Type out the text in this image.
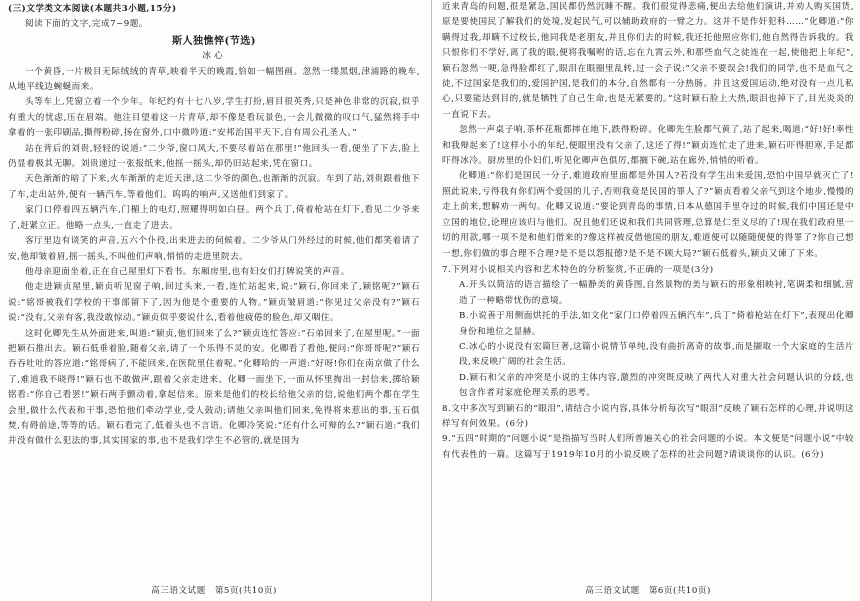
(三)文学类文本阅读(本题共3小题,15分)
阅读下面的文字,完成7~9题。
斯人独憔悴(节选)
冰心
一个黄昏,一片极目无际绒绒的青草,映着半天的晚霞,恰如一幅图画。忽然一缕黑烟,津浦路的晚车,从地平线边蜿蜒而来。
头等车上,凭窗立着一个少年。年纪约有十七八岁,学生打扮,眉目很英秀,只是神色非常的沉寂,似乎有重大的忧虑,压在眉端。他注目望着这一片青草,却不像是看玩景色,一会儿微微的叹口气,猛然将手中拿着的一张印刷品,撕得粉碎,扬在窗外,口中微吟道:“安邦治国平天下,自有周公孔圣人。”
站在背后的刘贵,轻轻的说道:“二少爷,窗口风大,不要尽着站在那里!”他回头一看,便坐了下去,脸上仍显着极其无聊。刘贵递过一张报纸来,他摇一摇头,却仍旧站起来,凭在窗口。
天色渐渐的暗了下来,火车渐渐的走近天津,这二少爷的颜色,也渐渐的沉寂。车到了站,刘贵跟着他下了车,走出站外,便有一辆汽车,等着他们。呜呜的响声,又送他们到家了。
家门口停着四五辆汽车,门楣上的电灯,照耀得明如白昼。两个兵丁,倚着枪站在灯下,看见二少爷来了,赶紧立正。他略一点头,一直走了进去。
客厅里边有谈笑的声音,五六个仆役,出来进去的伺候着。二少爷从门外经过的时候,他们都笑着请了安,他却皱着眉,摇一摇头,不叫他们声响,悄悄的走进里院去。
他母亲迎面坐着,正在自己屋里灯下看书。东厢房里,也有妇女们打牌说笑的声音。
他走进颖贞屋里,颖贞听见窗子响,回过头来,一看,连忙站起来,说:“颖石,你回来了,颖铭呢?”颖石说:“铭哥被我们学校的干事部留下了,因为他是个重要的人物。”颖贞皱眉道:“你见过父亲没有?”颖石说:“没有,父亲有客,我没敢惊动。”颖贞似乎要说什么,看着他疲倦的脸色,却又咽住。
这时化卿先生从外面进来,叫道:“颖贞,他们回来了么?”颖贞连忙答应:“石弟回来了,在屋里呢。”一面把颖石推出去。颖石低垂着脸,随着父亲,请了一个乐得不灵的安。化卿看了看他,便问:“你哥哥呢?”颖石吞吞吐吐的答应道:“铭哥病了,不能回来,在医院里住着呢。”化卿哈的一声道:“好呀!你们在南京做了什么了,难道我不晓得!”颖石也不敢做声,跟着父亲走进来。化卿一面坐下,一面从怀里掏出一封信来,掷给颖铭看:“你自己看罢!”颖石两手颤动着,拿起信来。原来是他们的校长给他父亲的信,说他们两个都在学生会里,做什么代表和干事,恐怕他们牵动学业,受人鼓动;请他父亲叫他们回来,免得将来惹出的事,玉石俱焚,有碍前途,等等的话。颖石看完了,低着头也不言语。化卿冷笑说:“还有什么可辩的么?”颖石道:“我们并没有做什么犯法的事,其实国家的事,也不是我们学生不必管的,就是国为
高三语文试题　第5页(共10页)
近来青岛的问题,很是紧急,国民都仍然沉睡不醒。我们很觉得悲痛,便出去给他们演讲,并劝人购买国货,原是要使国民了解我们的处境,发起民气,可以辅助政府的一臂之力。这并不是作奸犯科……”化卿道:“你瞒得过我,却瞒不过校长,他同我是老朋友,并且你们去的时候,我还托他照应你们,他自然得告诉我的。我只恨你们不学好,离了我的眼,便将我嘱咐的话,忘在九霄云外,和那些血气之徒连在一起,使他把上年纪”,颖石忽然一哽,急得脸都红了,眼泪在眼圈里乱转,过一会子说:“父亲不要误会!我们的同学,也不是血气之徒,不过国家是我们的,爱国护国,是我们的本分,自然都有一分热肠。并且这爱国运动,绝对没有一点儿私心,只要能达到目的,就是牺牲了自己生命,也是无紧要的。”这时颖石脸上大热,眼泪也掉下了,目光炎炎的一直说下去。
忽然一声桌子响,茶杯花瓶都摔在地下,跌得粉碎。化卿先生脸都气黄了,站了起来,喝道:“好!好!率性和我辩起来了!这样小小的年纪,便眼里没有父亲了,这还了得!”颖贞连忙走了进来,颖石吓得胆寒,手足都吓得冰冷。厨房里的仆妇们,听见化卿声色俱厉,都搁下碗,站在廊外,悄悄的听着。
化卿道:“你们是国民一分子,难道政府里面都是外国人?若没有学生出来爱国,恐怕中国早就灭亡了!照此说来,亏得我有你们两个爱国的儿子,否则我竟是民国的罪人了?”颖贞看着父亲气到这个地步,慢慢的走上前来,想解劝一两句。化卿又说道:“要论到青岛的事情,日本从德国手里夺过的时候,我们中国还是中立国的地位,论理应该归与他们。况且他们还说和我们共同管理,总算是仁至义尽的了!现在我们政府里一切的用款,哪一项不是和他们借来的?像这样被反借他国的朋友,难道便可以随随便便的得罪了?你自己想一想,你们做的事合理不合理?是不是以怨报德?是不是不顾大局?”颖石低着头,颖贞又谏了下来。
7.下列对小说相关内容和艺术特色的分析鉴赏,不正确的一项是(3分)
A.开头以简洁的语言描绘了一幅静美的黄昏图,自然景物的美与颖石的形象相映衬,笔调柔和细腻,营造了一种略带忧伤的意境。
B.小说善于用侧面烘托的手法,如文化“家门口停着四五辆汽车”,兵丁“倚着枪站在灯下”,表现出化卿身份和地位之显赫。
C.冰心的小说没有宏篇巨著,这篇小说情节单纯,没有曲折离奇的故事,而是撷取一个大家庭的生活片段,来反映广阔的社会生活。
D.颖石和父亲的冲突是小说的主体内容,激烈的冲突既反映了两代人对重大社会问题认识的分歧,也包含作者对家庭伦理关系的思考。
8.文中多次写到颖石的“眼泪”,请结合小说内容,具体分析每次写“眼泪”反映了颖石怎样的心理,并说明这样写有何效果。(6分)
9.“五四”时期的“问题小说”是指描写当时人们所普遍关心的社会问题的小说。本文便是“问题小说”中较有代表性的一篇。这篇写于1919年10月的小说反映了怎样的社会问题?请谈谈你的认识。(6分)
高三语文试题　第6页(共10页)
